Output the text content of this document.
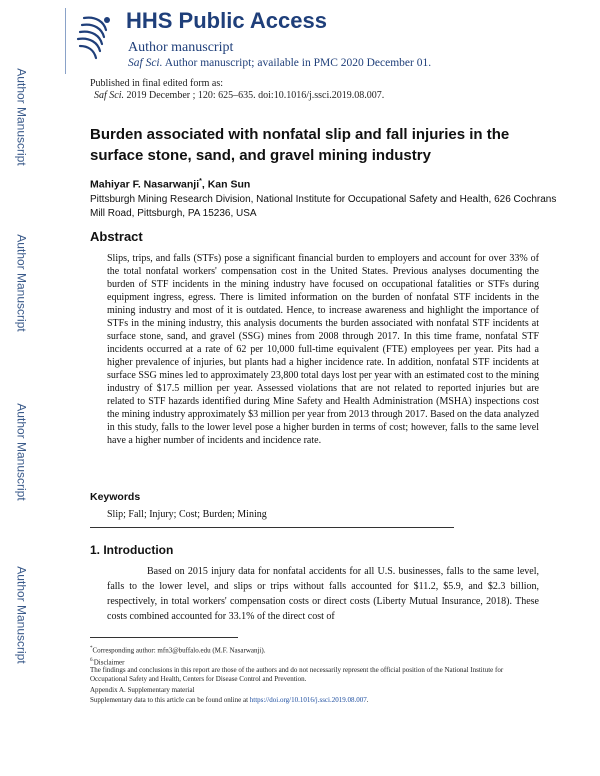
Author Manuscript
Author Manuscript
Author Manuscript
Author Manuscript
HHS Public Access
Author manuscript
Saf Sci. Author manuscript; available in PMC 2020 December 01.
Published in final edited form as:
Saf Sci. 2019 December ; 120: 625–635. doi:10.1016/j.ssci.2019.08.007.
Burden associated with nonfatal slip and fall injuries in the surface stone, sand, and gravel mining industry
Mahiyar F. Nasarwanji*, Kan Sun
Pittsburgh Mining Research Division, National Institute for Occupational Safety and Health, 626 Cochrans Mill Road, Pittsburgh, PA 15236, USA
Abstract
Slips, trips, and falls (STFs) pose a significant financial burden to employers and account for over 33% of the total nonfatal workers' compensation cost in the United States. Previous analyses documenting the burden of STF incidents in the mining industry have focused on occupational fatalities or STFs during equipment ingress, egress. There is limited information on the burden of nonfatal STF incidents in the mining industry and most of it is outdated. Hence, to increase awareness and highlight the importance of STFs in the mining industry, this analysis documents the burden associated with nonfatal STF incidents at surface stone, sand, and gravel (SSG) mines from 2008 through 2017. In this time frame, nonfatal STF incidents occurred at a rate of 62 per 10,000 full-time equivalent (FTE) employees per year. Pits had a higher prevalence of injuries, but plants had a higher incidence rate. In addition, nonfatal STF incidents at surface SSG mines led to approximately 23,800 total days lost per year with an estimated cost to the mining industry of $17.5 million per year. Assessed violations that are not related to reported injuries but are related to STF hazards identified during Mine Safety and Health Administration (MSHA) inspections cost the mining industry approximately $3 million per year from 2013 through 2017. Based on the data analyzed in this study, falls to the lower level pose a higher burden in terms of cost; however, falls to the same level have a higher number of incidents and incidence rate.
Keywords
Slip; Fall; Injury; Cost; Burden; Mining
1. Introduction
Based on 2015 injury data for nonfatal accidents for all U.S. businesses, falls to the same level, falls to the lower level, and slips or trips without falls accounted for $11.2, $5.9, and $2.3 billion, respectively, in total workers' compensation costs or direct costs (Liberty Mutual Insurance, 2018). These costs combined accounted for 33.1% of the direct cost of
*Corresponding author: mfn3@buffalo.edu (M.F. Nasarwanji).
$^{6.}$Disclaimer
The findings and conclusions in this report are those of the authors and do not necessarily represent the official position of the National Institute for Occupational Safety and Health, Centers for Disease Control and Prevention.
Appendix A. Supplementary material
Supplementary data to this article can be found online at https://doi.org/10.1016/j.ssci.2019.08.007.
